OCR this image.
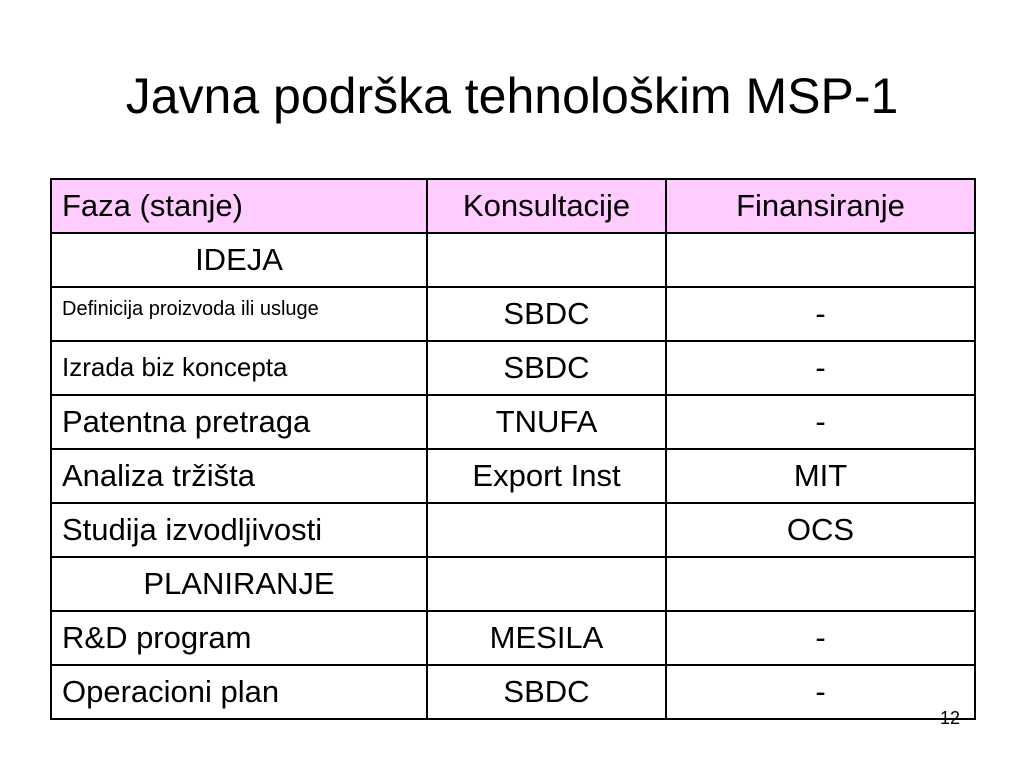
Javna podrška tehnološkim MSP-1
Faza (stanje)	Konsultacije	Finansiranje
IDEJA		
Definicija proizvoda ili usluge	SBDC	-
Izrada biz koncepta	SBDC	-
Patentna pretraga	TNUFA	-
Analiza tržišta	Export Inst	MIT
Studija izvodljivosti		OCS
PLANIRANJE		
R&D program	MESILA	-
Operacioni plan	SBDC	-
12
